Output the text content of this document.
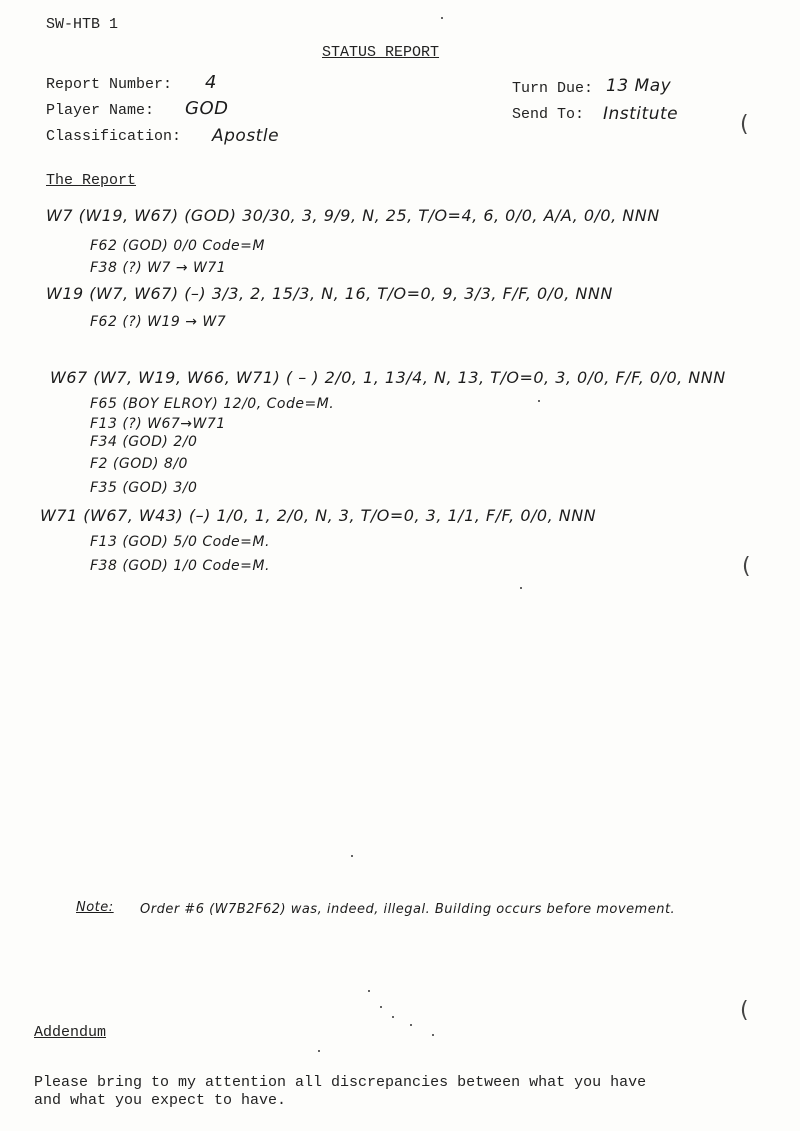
SW-HTB 1
STATUS REPORT
Report Number: 4
Player Name: GOD
Classification: Apostle
Turn Due: 13 May
Send To: Institute
The Report
W7 (W19, W67) (GOD) 30/30, 3, 9/9, N, 25, T/O=4, 6, 0/0, A/A, 0/0, NNN
F62 (GOD) 0/0 Code=M
F38 (?) W7 → W71
W19 (W7, W67) (–) 3/3, 2, 15/3, N, 16, T/O=0, 9, 3/3, F/F, 0/0, NNN
F62 (?) W19 → W7
W67 (W7, W19, W66, W71) ( – ) 2/0, 1, 13/4, N, 13, T/O=0, 3, 0/0, F/F, 0/0, NNN
F65 (BOY ELROY) 12/0, Code=M.
F13 (?) W67→W71
F34 (GOD) 2/0
F2 (GOD) 8/0
F35 (GOD) 3/0
W71 (W67, W43) (–) 1/0, 1, 2/0, N, 3, T/O=0, 3, 1/1, F/F, 0/0, NNN
F13 (GOD) 5/0 Code=M.
F38 (GOD) 1/0 Code=M.
Note: Order #6 (W7B2F62) was, indeed, illegal. Building occurs before movement.
Addendum
Please bring to my attention all discrepancies between what you have
and what you expect to have.
(
(
(
